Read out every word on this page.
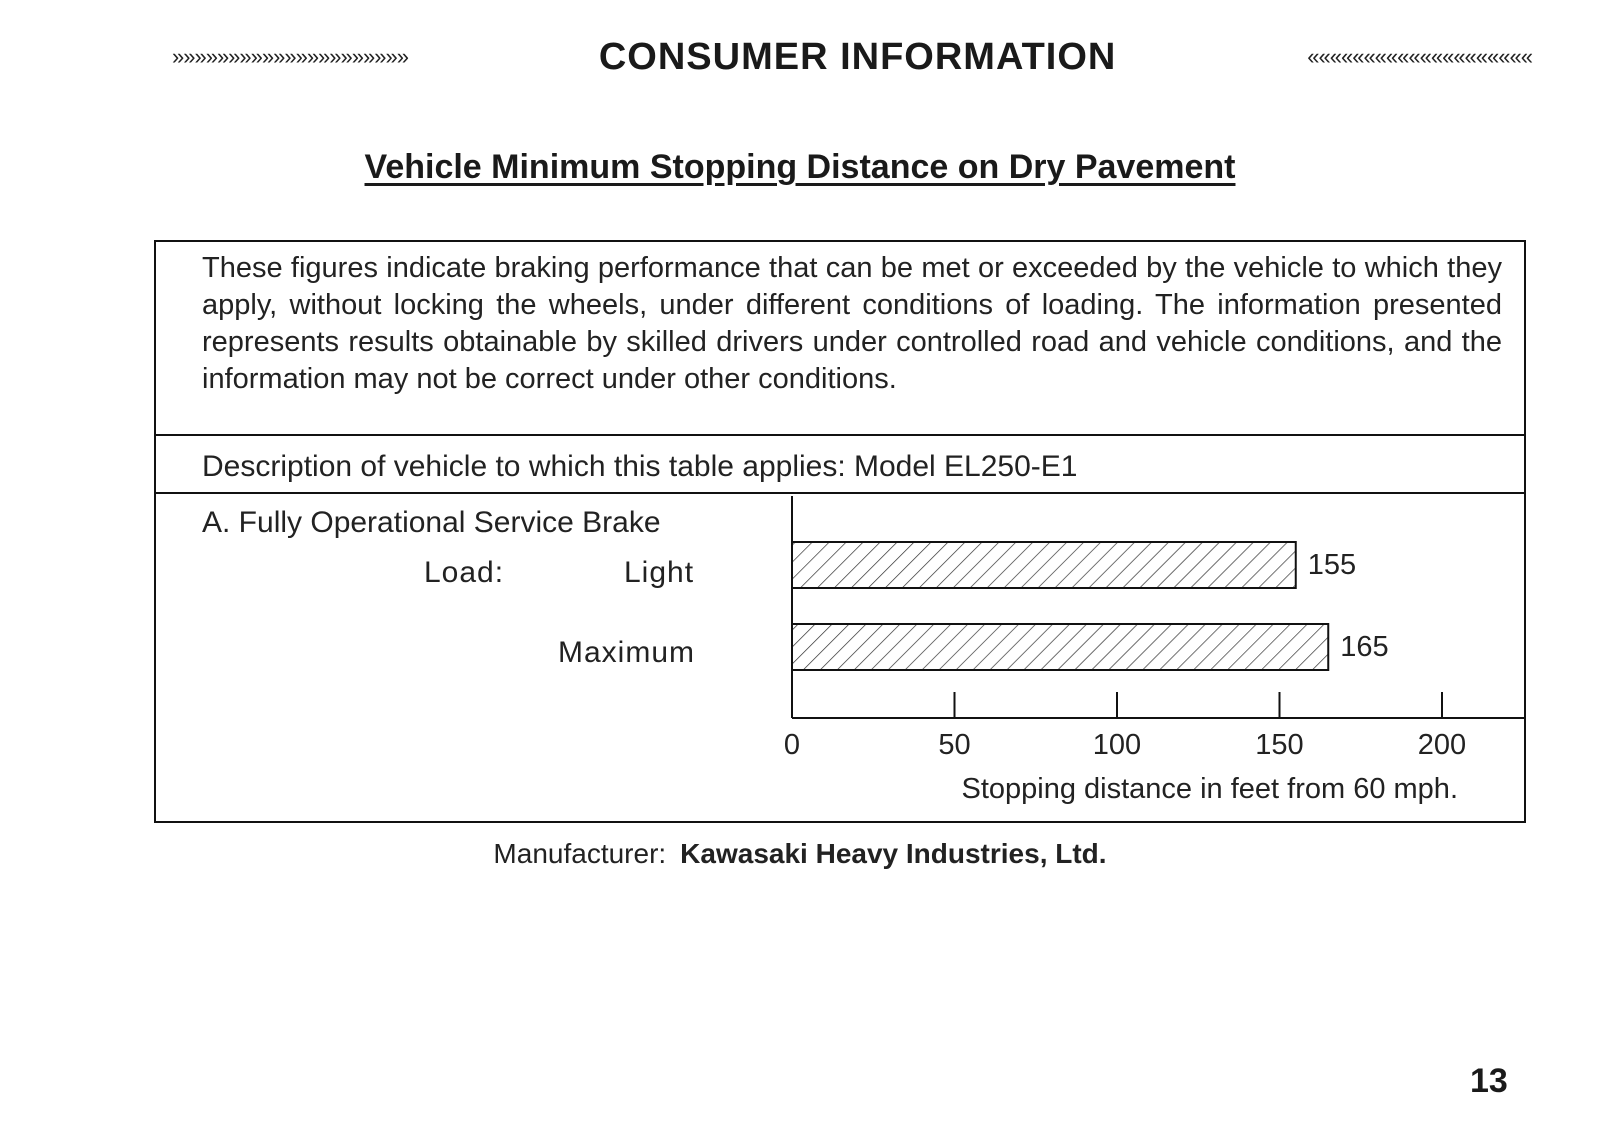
»»»»»»»»»»»»»»»»»»»»»	CONSUMER INFORMATION	««««««««««««««««««««
Vehicle Minimum Stopping Distance on Dry Pavement
These figures indicate braking performance that can be met or exceeded by the vehicle to which they apply, without locking the wheels, under different conditions of loading. The information presented represents results obtainable by skilled drivers under controlled road and vehicle conditions, and the information may not be correct under other conditions.
Description of vehicle to which this table applies: Model EL250-E1
A. Fully Operational Service Brake
Load:	Light
Maximum
155
165
0	50	100	150	200
Stopping distance in feet from 60 mph.
Manufacturer: Kawasaki Heavy Industries, Ltd.
13
